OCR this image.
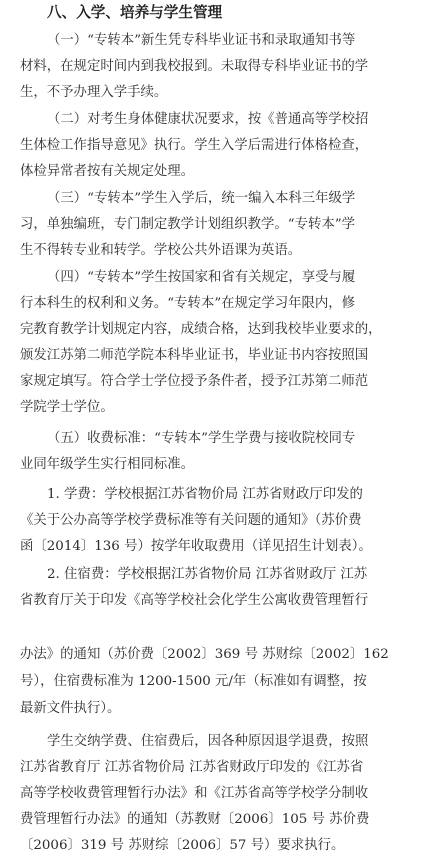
八、入学、培养与学生管理
（一）“专转本”新生凭专科毕业证书和录取通知书等
材料，在规定时间内到我校报到。未取得专科毕业证书的学
生，不予办理入学手续。
（二）对考生身体健康状况要求，按《普通高等学校招
生体检工作指导意见》执行。学生入学后需进行体格检查，
体检异常者按有关规定处理。
（三）“专转本”学生入学后，统一编入本科三年级学
习，单独编班，专门制定教学计划组织教学。“专转本”学
生不得转专业和转学。学校公共外语课为英语。
（四）“专转本”学生按国家和省有关规定，享受与履
行本科生的权利和义务。“专转本”在规定学习年限内，修
完教育教学计划规定内容，成绩合格，达到我校毕业要求的，
颁发江苏第二师范学院本科毕业证书，毕业证书内容按照国
家规定填写。符合学士学位授予条件者，授予江苏第二师范
学院学士学位。
（五）收费标准：“专转本”学生学费与接收院校同专
业同年级学生实行相同标准。
1. 学费：学校根据江苏省物价局 江苏省财政厅印发的
《关于公办高等学校学费标准等有关问题的通知》（苏价费
函〔2014〕136 号）按学年收取费用（详见招生计划表）。
2. 住宿费：学校根据江苏省物价局 江苏省财政厅 江苏
省教育厅关于印发《高等学校社会化学生公寓收费管理暂行
办法》的通知（苏价费〔2002〕369 号 苏财综〔2002〕162
号），住宿费标准为 1200-1500 元/年（标准如有调整，按
最新文件执行）。
学生交纳学费、住宿费后，因各种原因退学退费，按照
江苏省教育厅 江苏省物价局 江苏省财政厅印发的《江苏省
高等学校收费管理暂行办法》和《江苏省高等学校学分制收
费管理暂行办法》的通知（苏教财〔2006〕105 号 苏价费
〔2006〕319 号 苏财综〔2006〕57 号）要求执行。
